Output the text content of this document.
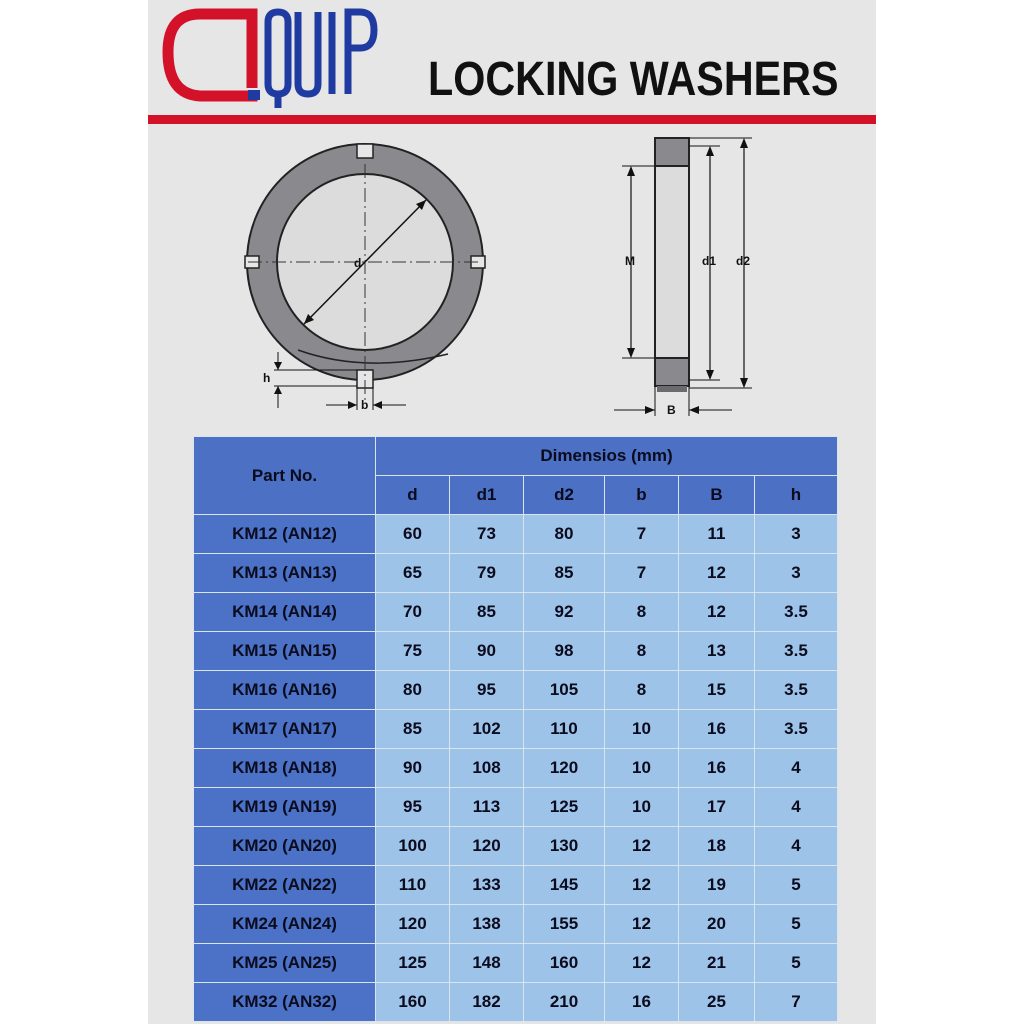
LOCKING WASHERS
d
h
b
M	d1 d2
B
Part No.	Dimensios (mm)					
	d	d1	d2	b	B	h
KM12 (AN12)	60	73	80	7	11	3
KM13 (AN13)	65	79	85	7	12	3
KM14 (AN14)	70	85	92	8	12	3.5
KM15 (AN15)	75	90	98	8	13	3.5
KM16 (AN16)	80	95	105	8	15	3.5
KM17 (AN17)	85	102	110	10	16	3.5
KM18 (AN18)	90	108	120	10	16	4
KM19 (AN19)	95	113	125	10	17	4
KM20 (AN20)	100	120	130	12	18	4
KM22 (AN22)	110	133	145	12	19	5
KM24 (AN24)	120	138	155	12	20	5
KM25 (AN25)	125	148	160	12	21	5
KM32 (AN32)	160	182	210	16	25	7
